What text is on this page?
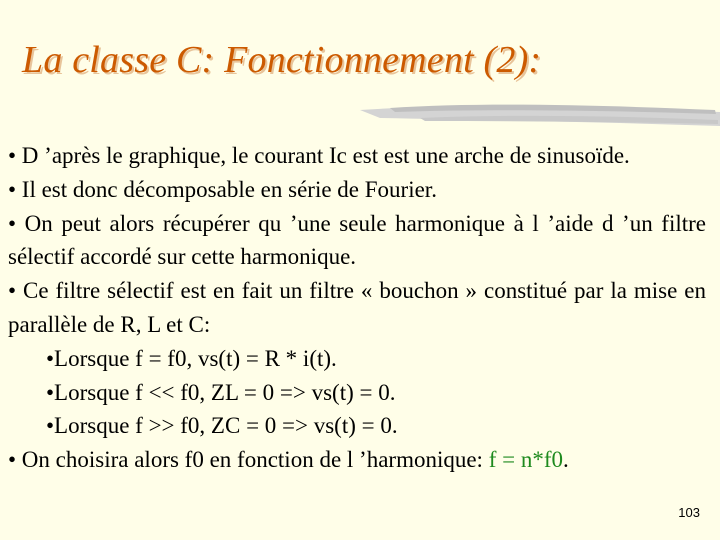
La classe C: Fonctionnement (2):

• D ’après le graphique, le courant Ic est est une arche de sinusoïde.

• Il est donc décomposable en série de Fourier.

• On peut alors récupérer qu ’une seule harmonique à l ’aide d ’un filtre sélectif accordé sur cette harmonique.

• Ce filtre sélectif est en fait un filtre « bouchon » constitué par la mise en parallèle de R, L et C:

•Lorsque f = f0, vs(t) = R * i(t).

•Lorsque f << f0, ZL = 0 => vs(t) = 0.

•Lorsque f >> f0, ZC = 0 => vs(t) = 0.

• On choisira alors f0 en fonction de l ’harmonique: f = n*f0.

103
